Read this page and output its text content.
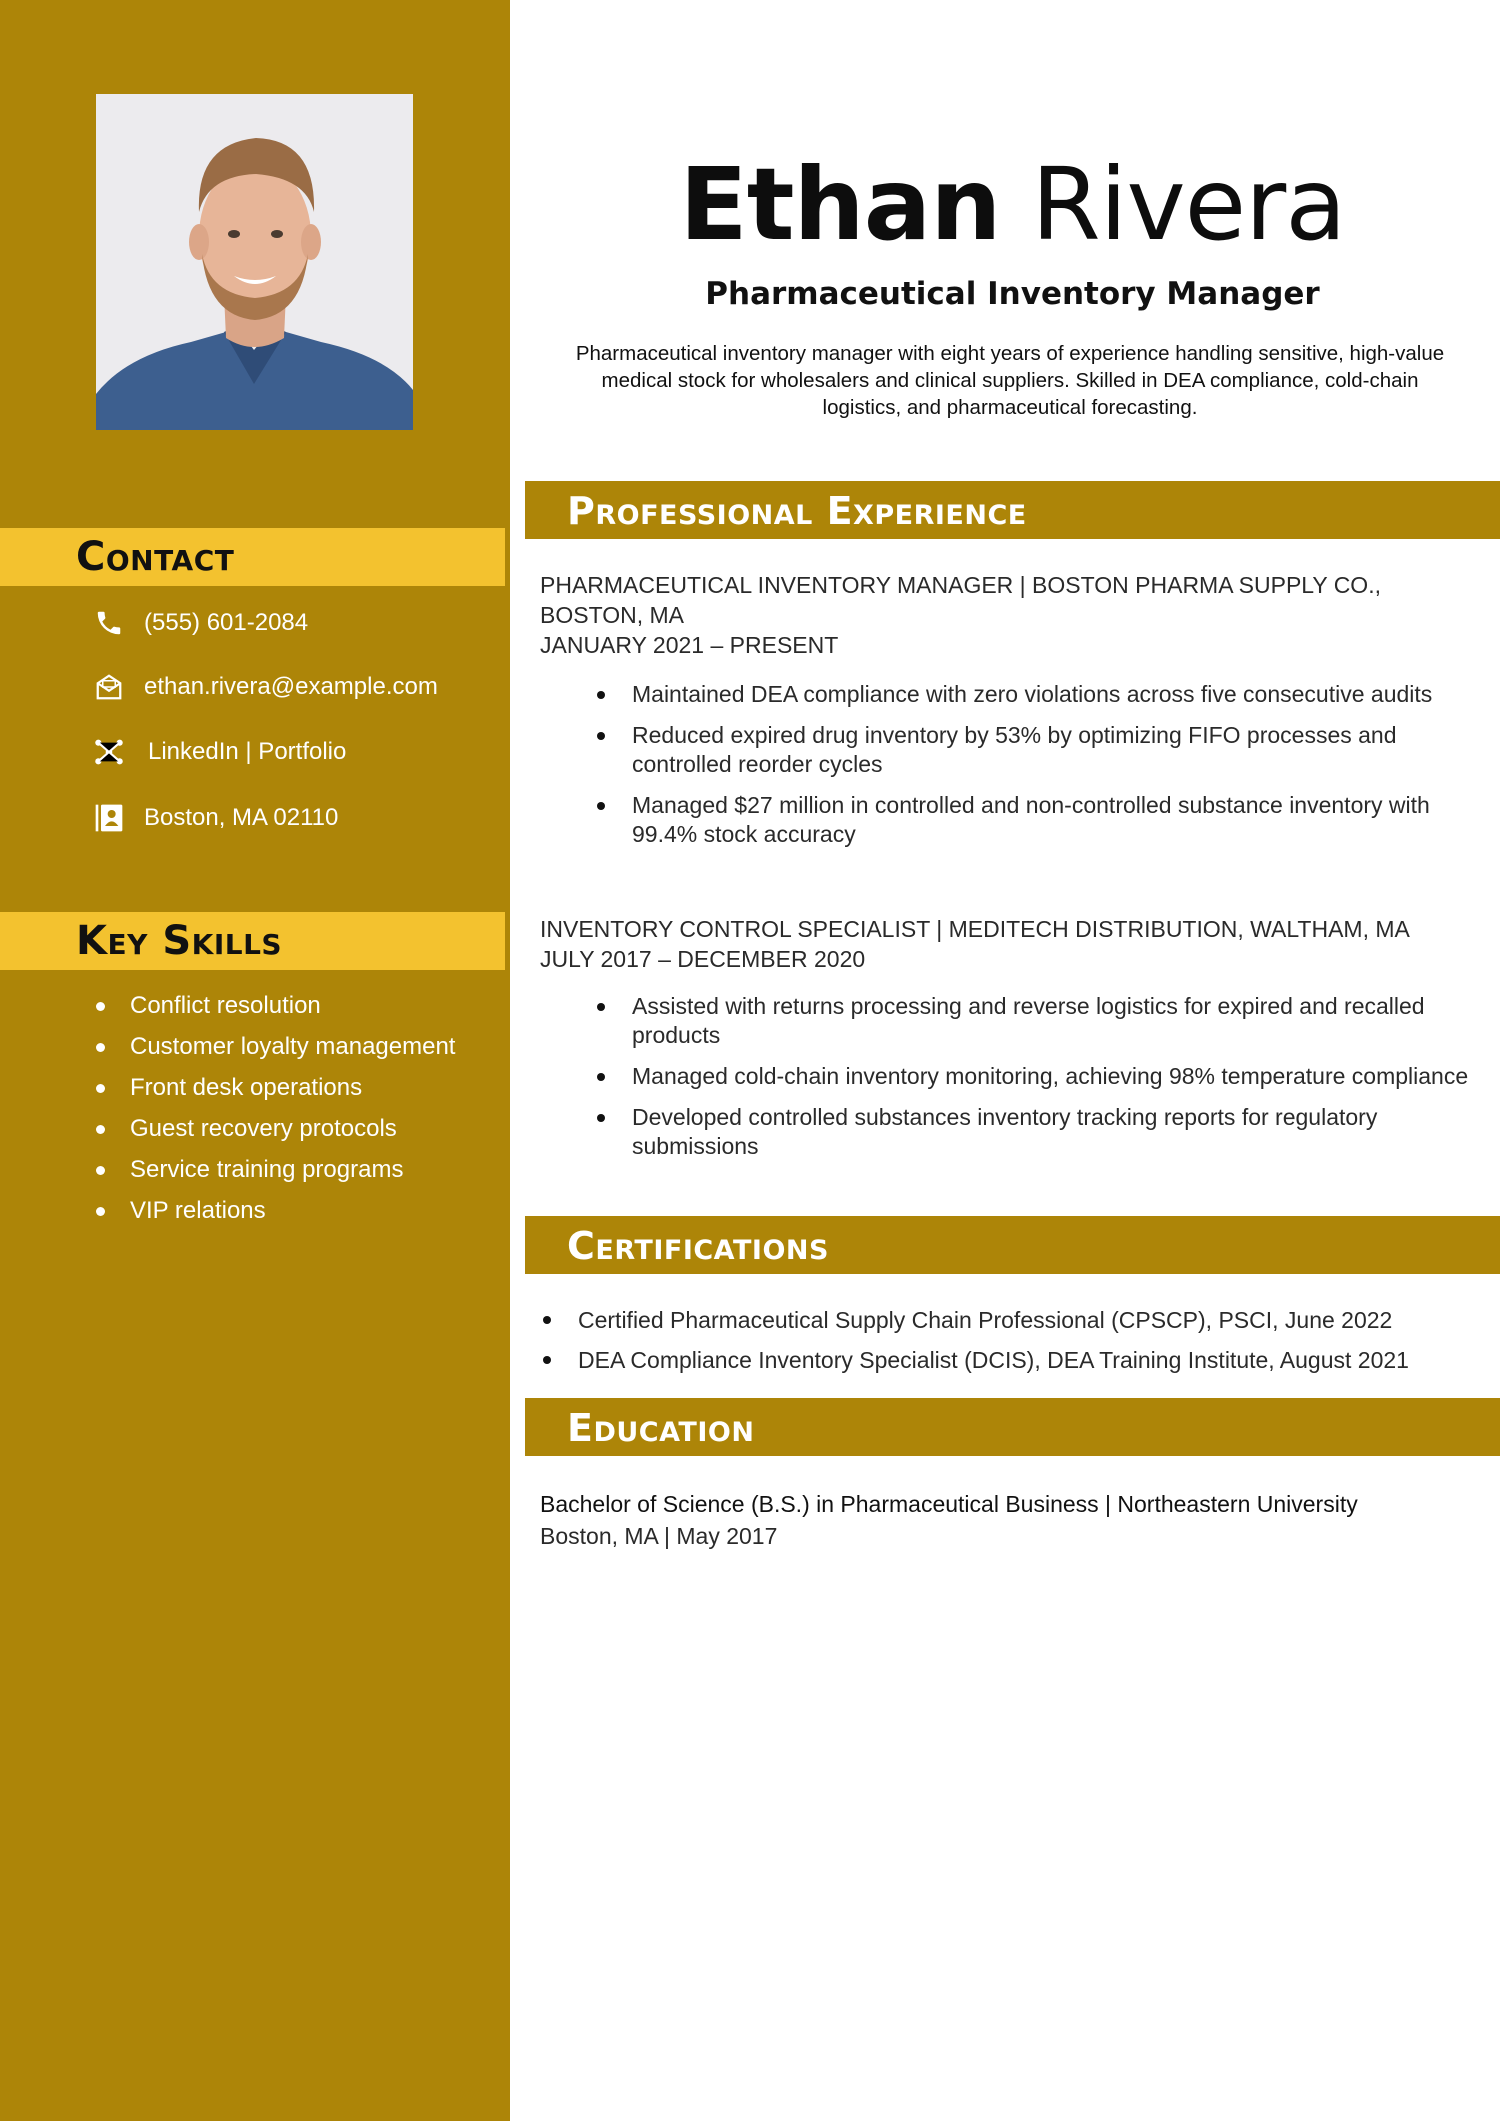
Contact
(555) 601-2084
ethan.rivera@example.com
LinkedIn | Portfolio
Boston, MA 02110
Key Skills
Conflict resolution
Customer loyalty management
Front desk operations
Guest recovery protocols
Service training programs
VIP relations
Ethan Rivera
Pharmaceutical Inventory Manager
Pharmaceutical inventory manager with eight years of experience handling sensitive, high-value medical stock for wholesalers and clinical suppliers. Skilled in DEA compliance, cold-chain logistics, and pharmaceutical forecasting.
Professional Experience
PHARMACEUTICAL INVENTORY MANAGER | BOSTON PHARMA SUPPLY CO., BOSTON, MA
JANUARY 2021 – PRESENT
Maintained DEA compliance with zero violations across five consecutive audits
Reduced expired drug inventory by 53% by optimizing FIFO processes and controlled reorder cycles
Managed $27 million in controlled and non-controlled substance inventory with 99.4% stock accuracy
INVENTORY CONTROL SPECIALIST | MEDITECH DISTRIBUTION, WALTHAM, MA
JULY 2017 – DECEMBER 2020
Assisted with returns processing and reverse logistics for expired and recalled products
Managed cold-chain inventory monitoring, achieving 98% temperature compliance
Developed controlled substances inventory tracking reports for regulatory submissions
Certifications
Certified Pharmaceutical Supply Chain Professional (CPSCP), PSCI, June 2022
DEA Compliance Inventory Specialist (DCIS), DEA Training Institute, August 2021
Education
Bachelor of Science (B.S.) in Pharmaceutical Business | Northeastern University
Boston, MA | May 2017
